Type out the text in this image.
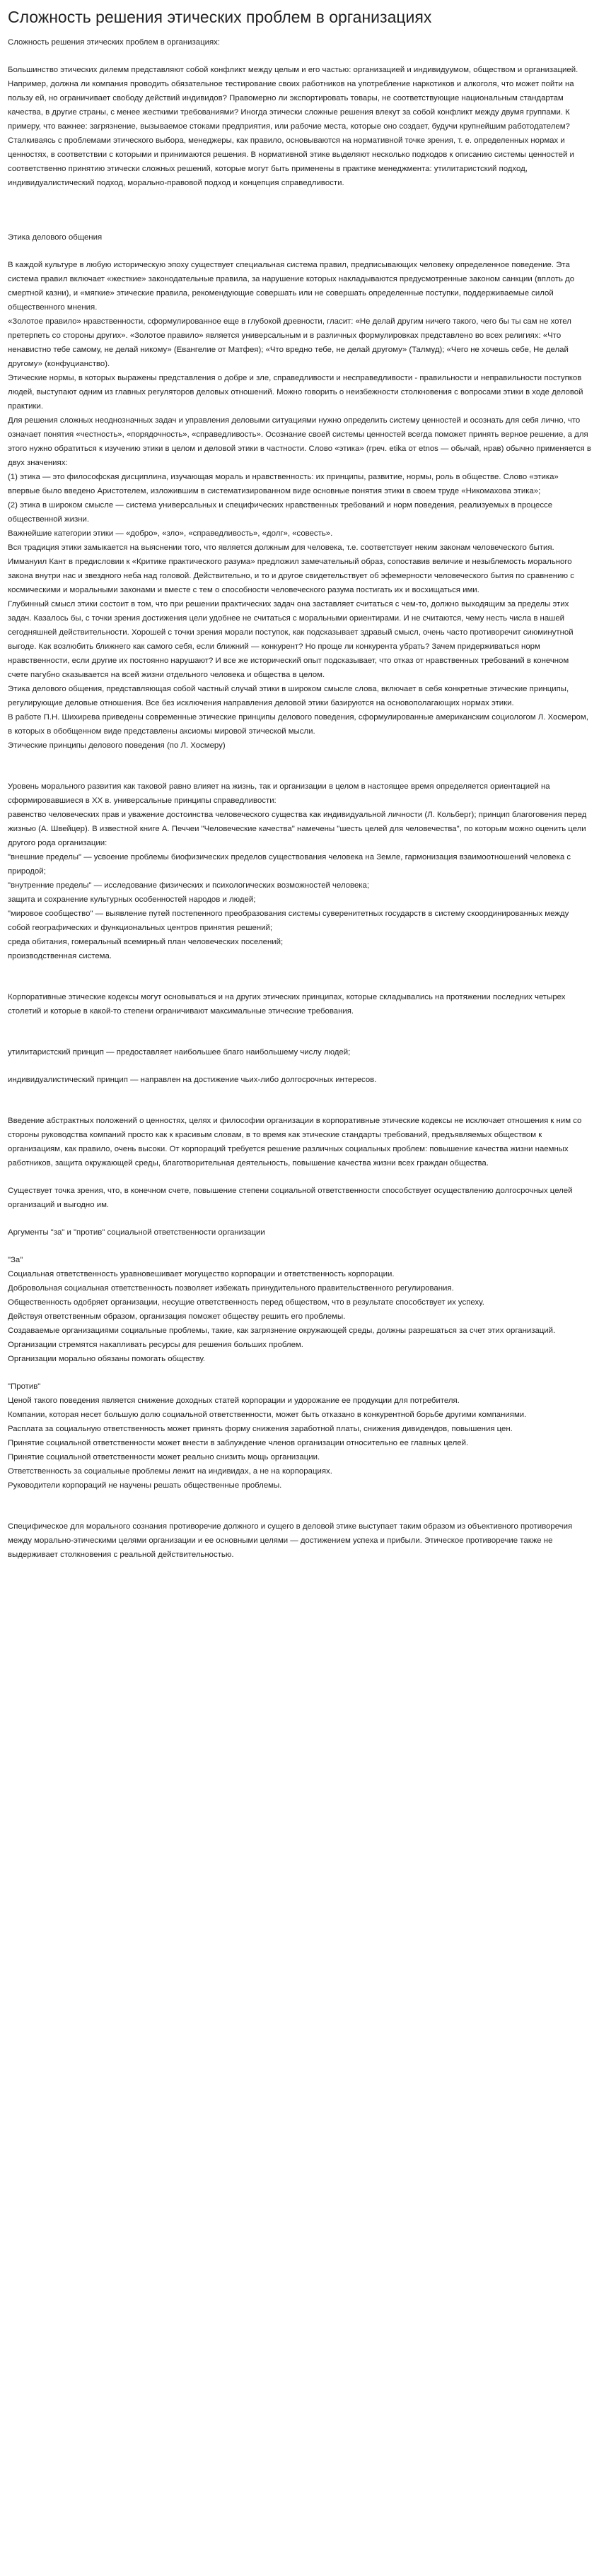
Сложность решения этических проблем в организациях

Сложность решения этических проблем в организациях:

Большинство этических дилемм представляют собой конфликт между целым и его частью: организацией и индивидуумом, обществом и организацией. Например, должна ли компания проводить обязательное тестирование своих работников на употребление наркотиков и алкоголя, что может пойти на пользу ей, но ограничивает свободу действий индивидов? Правомерно ли экспортировать товары, не соответствующие национальным стандартам качества, в другие страны, с менее жесткими требованиями? Иногда этически сложные решения влекут за собой конфликт между двумя группами. К примеру, что важнее: загрязнение, вызываемое стоками предприятия, или рабочие места, которые оно создает, будучи крупнейшим работодателем?

Сталкиваясь с проблемами этического выбора, менеджеры, как правило, основываются на нормативной точке зрения, т. е. определенных нормах и ценностях, в соответствии с которыми и принимаются решения. В нормативной этике выделяют несколько подходов к описанию системы ценностей и соответственно принятию этически сложных решений, которые могут быть применены в практике менеджмента: утилитаристский подход, индивидуалистический подход, морально-правовой подход и концепция справедливости.

Этика делового общения

В каждой культуре в любую историческую эпоху существует специальная система правил, предписывающих человеку определенное поведение. Эта система правил включает «жесткие» законодательные правила, за нарушение которых накладываются предусмотренные законом санкции (вплоть до смертной казни), и «мягкие» этические правила, рекомендующие совершать или не совершать определенные поступки, поддерживаемые силой общественного мнения.

«Золотое правило» нравственности, сформулированное еще в глубокой древности, гласит: «Не делай другим ничего такого, чего бы ты сам не хотел претерпеть со стороны других». «Золотое правило» является универсальным и в различных формулировках представлено во всех религиях: «Что ненавистно тебе самому, не делай никому» (Евангелие от Матфея); «Что вредно тебе, не делай другому» (Талмуд); «Чего не хочешь себе, Не делай другому» (конфуцианство).

Этические нормы, в которых выражены представления о добре и зле, справедливости и несправедливости - правильности и неправильности поступков людей, выступают одним из главных регуляторов деловых отношений. Можно говорить о неизбежности столкновения с вопросами этики в ходе деловой практики.

Для решения сложных неоднозначных задач и управления деловыми ситуациями нужно определить систему ценностей и осознать для себя лично, что означает понятия «честность», «порядочность», «справедливость». Осознание своей системы ценностей всегда поможет принять верное решение, а для этого нужно обратиться к изучению этики в целом и деловой этики в частности. Слово «этика» (греч. etika от etnos — обычай, нрав) обычно применяется в двух значениях:

(1) этика — это философская дисциплина, изучающая мораль и нравственность: их принципы, развитие, нормы, роль в обществе. Слово «этика» впервые было введено Аристотелем, изложившим в систематизированном виде основные понятия этики в своем труде «Никомахова этика»;

(2) этика в широком смысле — система универсальных и специфических нравственных требований и норм поведения, реализуемых в процессе общественной жизни.

Важнейшие категории этики — «добро», «зло», «справедливость», «долг», «совесть».

Вся традиция этики замыкается на выяснении того, что является должным для человека, т.е. соответствует неким законам человеческого бытия. Иммануил Кант в предисловии к «Критике практического разума» предложил замечательный образ, сопоставив величие и незыблемость морального закона внутри нас и звездного неба над головой. Действительно, и то и другое свидетельствует об эфемерности человеческого бытия по сравнению с космическими и моральными законами и вместе с тем о способности человеческого разума постигать их и восхищаться ими.

Глубинный смысл этики состоит в том, что при решении практических задач она заставляет считаться с чем-то, должно выходящим за пределы этих задач. Казалось бы, с точки зрения достижения цели удобнее не считаться с моральными ориентирами. И не считаются, чему несть числа в нашей сегодняшней действительности. Хорошей с точки зрения морали поступок, как подсказывает здравый смысл, очень часто противоречит сиюминутной выгоде. Как возлюбить ближнего как самого себя, если ближний — конкурент? Но проще ли конкурента убрать? Зачем придерживаться норм нравственности, если другие их постоянно нарушают? И все же исторический опыт подсказывает, что отказ от нравственных требований в конечном счете пагубно сказывается на всей жизни отдельного человека и общества в целом.

Этика делового общения, представляющая собой частный случай этики в широком смысле слова, включает в себя конкретные этические принципы, регулирующие деловые отношения. Все без исключения направления деловой этики базируются на основополагающих нормах этики.

В работе П.Н. Шихирева приведены современные этические принципы делового поведения, сформулированные американским социологом Л. Хосмером, в которых в обобщенном виде представлены аксиомы мировой этической мысли.

Этические принципы делового поведения (по Л. Хосмеру)

Уровень морального развития как таковой равно влияет на жизнь, так и организации в целом в настоящее время определяется ориентацией на сформировавшиеся в XX в. универсальные принципы справедливости:

равенство человеческих прав и уважение достоинства человеческого существа как индивидуальной личности (Л. Кольберг); принцип благоговения перед жизнью (А. Швейцер). В известной книге А. Печчеи "Человеческие качества" намечены "шесть целей для человечества", по которым можно оценить цели другого рода организации:

"внешние пределы" — усвоение проблемы биофизических пределов существования человека на Земле, гармонизация взаимоотношений человека с природой;

"внутренние пределы" — исследование физических и психологических возможностей человека;

защита и сохранение культурных особенностей народов и людей;

"мировое сообщество" — выявление путей постепенного преобразования системы суверенитетных государств в систему скоординированных между собой географических и функциональных центров принятия решений;

среда обитания, гомеральный всемирный план человеческих поселений;

производственная система.

Корпоративные этические кодексы могут основываться и на других этических принципах, которые складывались на протяжении последних четырех столетий и которые в какой-то степени ограничивают максимальные этические требования.

утилитаристский принцип — предоставляет наибольшее благо наибольшему числу людей;

индивидуалистический принцип — направлен на достижение чьих-либо долгосрочных интересов.

Введение абстрактных положений о ценностях, целях и философии организации в корпоративные этические кодексы не исключает отношения к ним со стороны руководства компаний просто как к красивым словам, в то время как этические стандарты требований, предъявляемых обществом к организациям, как правило, очень высоки. От корпораций требуется решение различных социальных проблем: повышение качества жизни наемных работников, защита окружающей среды, благотворительная деятельность, повышение качества жизни всех граждан общества.

Существует точка зрения, что, в конечном счете, повышение степени социальной ответственности способствует осуществлению долгосрочных целей организаций и выгодно им.

Аргументы "за" и "против" социальной ответственности организации

"За"

Социальная ответственность уравновешивает могущество корпорации и ответственность корпорации.

Добровольная социальная ответственность позволяет избежать принудительного правительственного регулирования.

Общественность одобряет организации, несущие ответственность перед обществом, что в результате способствует их успеху.

Действуя ответственным образом, организация поможет обществу решить его проблемы.

Создаваемые организациями социальные проблемы, такие, как загрязнение окружающей среды, должны разрешаться за счет этих организаций.

Организации стремятся накапливать ресурсы для решения больших проблем.

Организации морально обязаны помогать обществу.

"Против"

Ценой такого поведения является снижение доходных статей корпорации и удорожание ее продукции для потребителя.

Компании, которая несет большую долю социальной ответственности, может быть отказано в конкурентной борьбе другими компаниями.

Расплата за социальную ответственность может принять форму снижения заработной платы, снижения дивидендов, повышения цен.

Принятие социальной ответственности может внести в заблуждение членов организации относительно ее главных целей.

Принятие социальной ответственности может реально снизить мощь организации.

Ответственность за социальные проблемы лежит на индивидах, а не на корпорациях.

Руководители корпораций не научены решать общественные проблемы.

Специфическое для морального сознания противоречие должного и сущего в деловой этике выступает таким образом из объективного противоречия между морально-этическими целями организации и ее основными целями — достижением успеха и прибыли. Этическое противоречие также не выдерживает столкновения с реальной действительностью.
